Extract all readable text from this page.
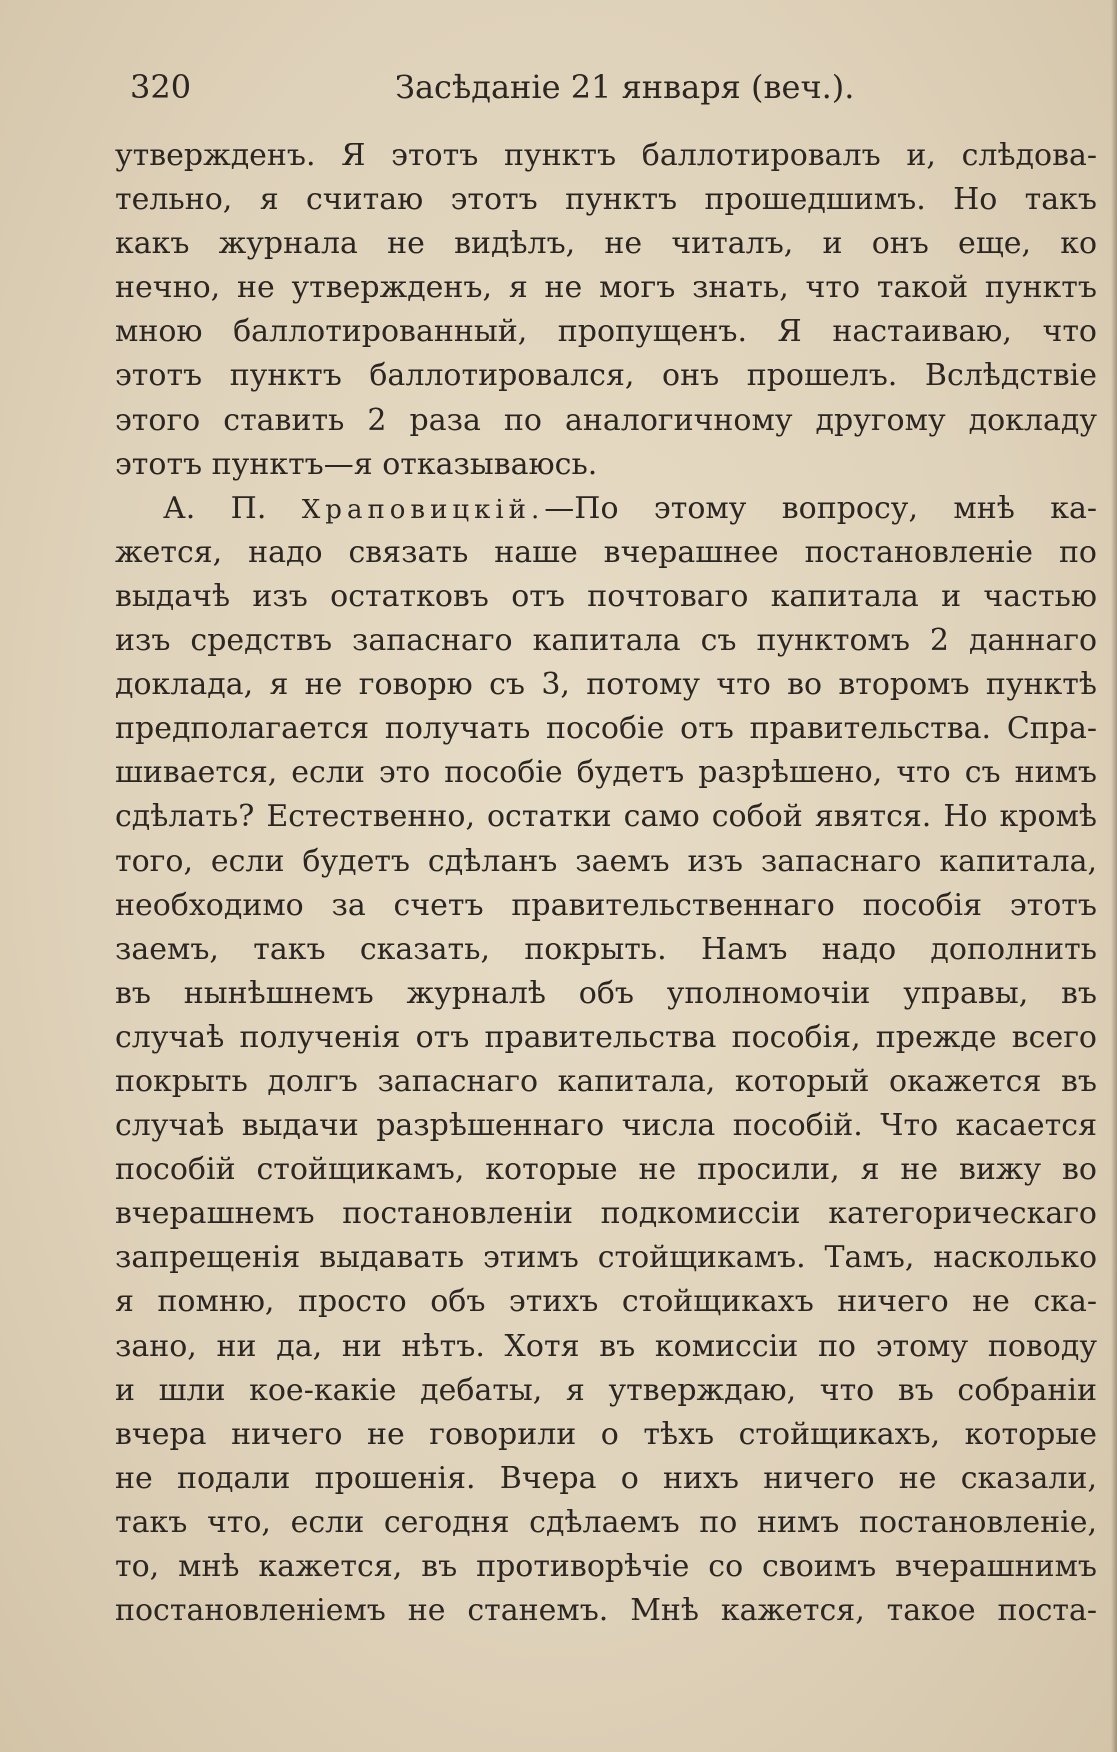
320	Засѣданіе 21 января (веч.).
утвержденъ. Я этотъ пунктъ баллотировалъ и, слѣдова-
тельно, я считаю этотъ пунктъ прошедшимъ. Но такъ
какъ журнала не видѣлъ, не читалъ, и онъ еще, ко
нечно, не утвержденъ, я не могъ знать, что такой пунктъ
мною баллотированный, пропущенъ. Я настаиваю, что
этотъ пунктъ баллотировался, онъ прошелъ. Вслѣдствіе
этого ставить 2 раза по аналогичному другому докладу
этотъ пунктъ—я отказываюсь.
А. П. Храповицкій.—По этому вопросу, мнѣ ка-
жется, надо связать наше вчерашнее постановленіе по
выдачѣ изъ остатковъ отъ почтоваго капитала и частью
изъ средствъ запаснаго капитала съ пунктомъ 2 даннаго
доклада, я не говорю съ 3, потому что во второмъ пунктѣ
предполагается получать пособіе отъ правительства. Спра-
шивается, если это пособіе будетъ разрѣшено, что съ нимъ
сдѣлать? Естественно, остатки само собой явятся. Но кромѣ
того, если будетъ сдѣланъ заемъ изъ запаснаго капитала,
необходимо за счетъ правительственнаго пособія этотъ
заемъ, такъ сказать, покрыть. Намъ надо дополнить
въ нынѣшнемъ журналѣ объ уполномочіи управы, въ
случаѣ полученія отъ правительства пособія, прежде всего
покрыть долгъ запаснаго капитала, который окажется въ
случаѣ выдачи разрѣшеннаго числа пособій. Что касается
пособій стойщикамъ, которые не просили, я не вижу во
вчерашнемъ постановленіи подкомиссіи категорическаго
запрещенія выдавать этимъ стойщикамъ. Тамъ, насколько
я помню, просто объ этихъ стойщикахъ ничего не ска-
зано, ни да, ни нѣтъ. Хотя въ комиссіи по этому поводу
и шли кое-какіе дебаты, я утверждаю, что въ собраніи
вчера ничего не говорили о тѣхъ стойщикахъ, которые
не подали прошенія. Вчера о нихъ ничего не сказали,
такъ что, если сегодня сдѣлаемъ по нимъ постановленіе,
то, мнѣ кажется, въ противорѣчіе со своимъ вчерашнимъ
постановленіемъ не станемъ. Мнѣ кажется, такое поста-
